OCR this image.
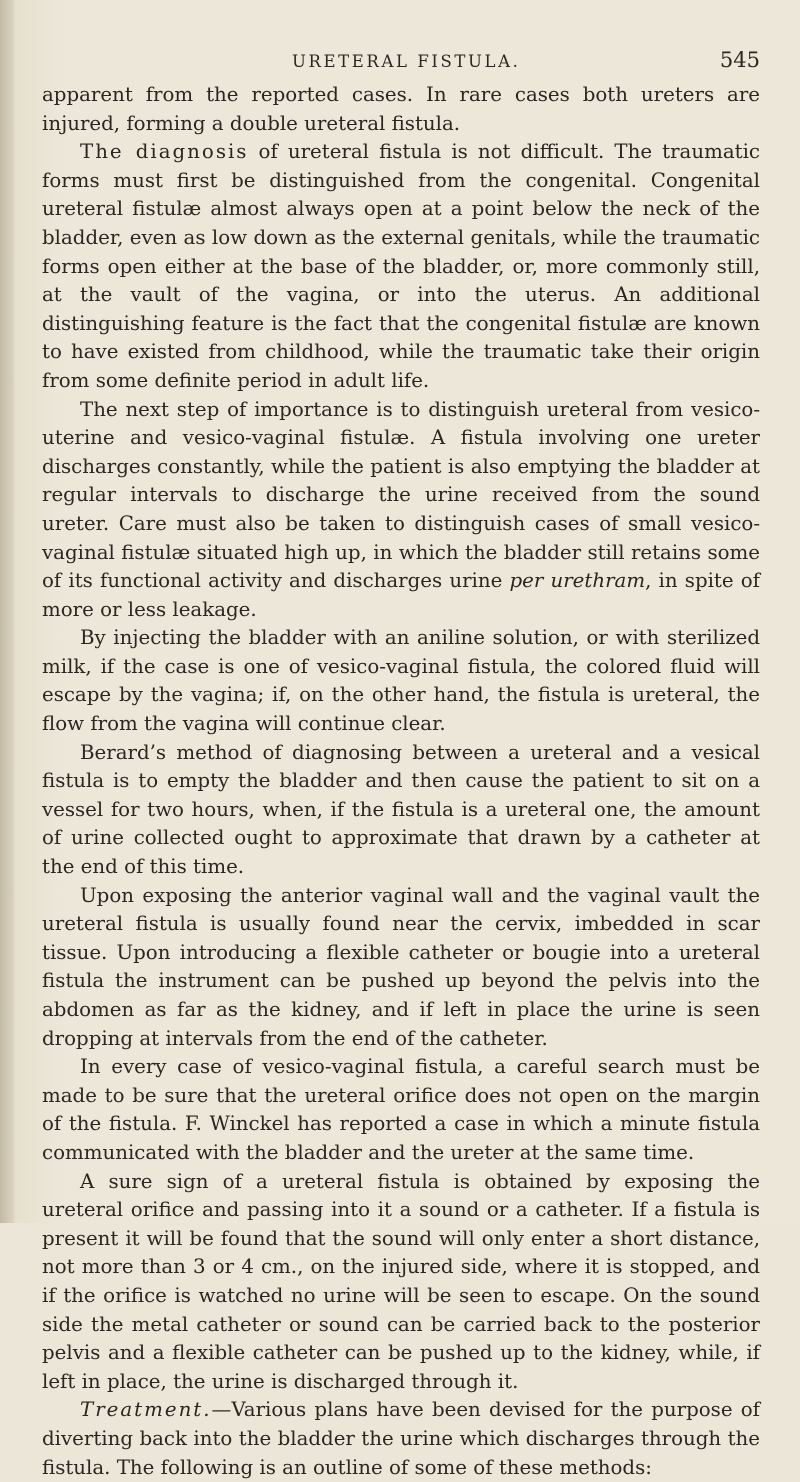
URETERAL FISTULA.	545

apparent from the reported cases. In rare cases both ureters are injured, forming a double ureteral fistula.

The diagnosis of ureteral fistula is not difficult. The traumatic forms must first be distinguished from the congenital. Congenital ureteral fistulæ almost always open at a point below the neck of the bladder, even as low down as the external genitals, while the traumatic forms open either at the base of the bladder, or, more commonly still, at the vault of the vagina, or into the uterus. An additional distinguishing feature is the fact that the congenital fistulæ are known to have existed from childhood, while the traumatic take their origin from some definite period in adult life.

The next step of importance is to distinguish ureteral from vesico-uterine and vesico-vaginal fistulæ. A fistula involving one ureter discharges constantly, while the patient is also emptying the bladder at regular intervals to discharge the urine received from the sound ureter. Care must also be taken to distinguish cases of small vesico-vaginal fistulæ situated high up, in which the bladder still retains some of its functional activity and discharges urine per urethram, in spite of more or less leakage.

By injecting the bladder with an aniline solution, or with sterilized milk, if the case is one of vesico-vaginal fistula, the colored fluid will escape by the vagina; if, on the other hand, the fistula is ureteral, the flow from the vagina will continue clear.

Berard’s method of diagnosing between a ureteral and a vesical fistula is to empty the bladder and then cause the patient to sit on a vessel for two hours, when, if the fistula is a ureteral one, the amount of urine collected ought to approximate that drawn by a catheter at the end of this time.

Upon exposing the anterior vaginal wall and the vaginal vault the ureteral fistula is usually found near the cervix, imbedded in scar tissue. Upon introducing a flexible catheter or bougie into a ureteral fistula the instrument can be pushed up beyond the pelvis into the abdomen as far as the kidney, and if left in place the urine is seen dropping at intervals from the end of the catheter.

In every case of vesico-vaginal fistula, a careful search must be made to be sure that the ureteral orifice does not open on the margin of the fistula. F. Winckel has reported a case in which a minute fistula communicated with the bladder and the ureter at the same time.

A sure sign of a ureteral fistula is obtained by exposing the ureteral orifice and passing into it a sound or a catheter. If a fistula is present it will be found that the sound will only enter a short distance, not more than 3 or 4 cm., on the injured side, where it is stopped, and if the orifice is watched no urine will be seen to escape. On the sound side the metal catheter or sound can be carried back to the posterior pelvis and a flexible catheter can be pushed up to the kidney, while, if left in place, the urine is discharged through it.

Treatment.—Various plans have been devised for the purpose of diverting back into the bladder the urine which discharges through the fistula. The following is an outline of some of these methods:
